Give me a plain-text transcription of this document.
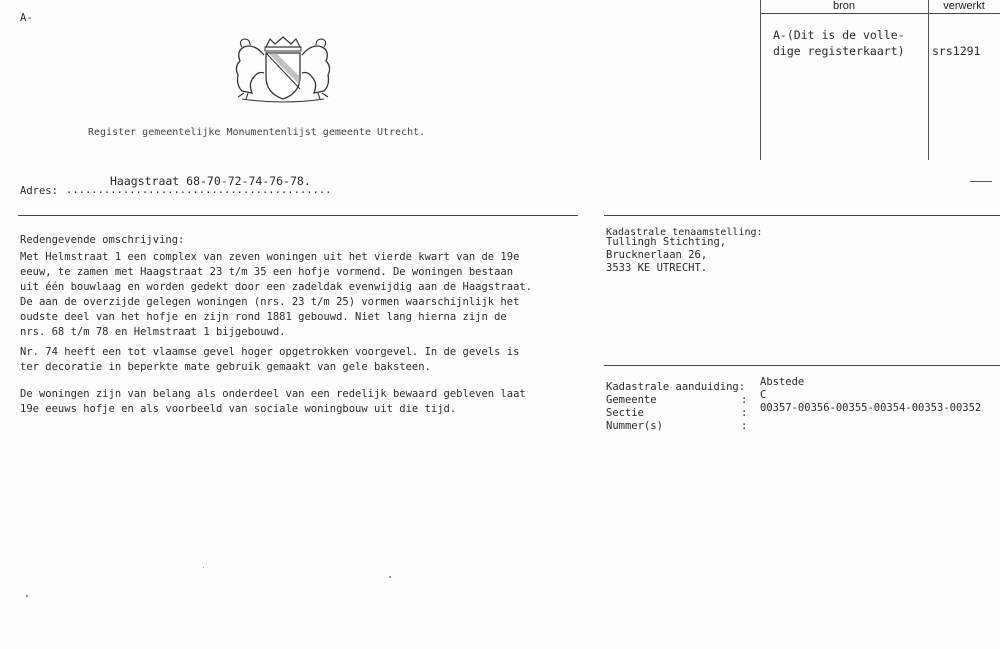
A-
bron	verwerkt
A-(Dit is de volle-
dige registerkaart) srs1291
Register gemeentelijke Monumentenlijst gemeente Utrecht.
Haagstraat 68-70-72-74-76-78.
Adres: ..........................................
Redengevende omschrijving:
Met Helmstraat 1 een complex van zeven woningen uit het vierde kwart van de 19e
eeuw, te zamen met Haagstraat 23 t/m 35 een hofje vormend. De woningen bestaan
uit één bouwlaag en worden gedekt door een zadeldak evenwijdig aan de Haagstraat.
De aan de overzijde gelegen woningen (nrs. 23 t/m 25) vormen waarschijnlijk het
oudste deel van het hofje en zijn rond 1881 gebouwd. Niet lang hierna zijn de
nrs. 68 t/m 78 en Helmstraat 1 bijgebouwd.
Nr. 74 heeft een tot vlaamse gevel hoger opgetrokken voorgevel. In de gevels is
ter decoratie in beperkte mate gebruik gemaakt van gele baksteen.
De woningen zijn van belang als onderdeel van een redelijk bewaard gebleven laat
19e eeuws hofje en als voorbeeld van sociale woningbouw uit die tijd.
Kadastrale tenaamstelling:
Tullingh Stichting,
Brucknerlaan 26,
3533 KE UTRECHT.
Kadastrale aanduiding: Abstede
Gemeente	: C
Sectie	: 00357-00356-00355-00354-00353-00352
Nummer(s)	:
